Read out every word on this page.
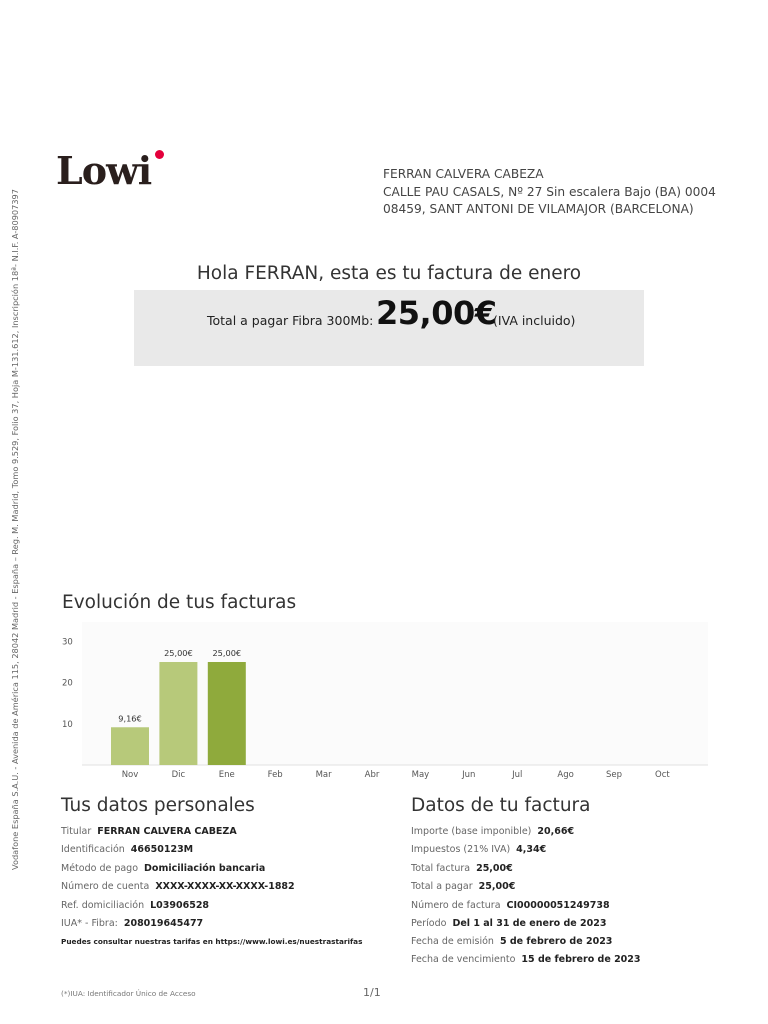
Lowi	FERRAN CALVERA CABEZA
CALLE PAU CASALS, Nº 27 Sin escalera Bajo (BA) 0004
08459, SANT ANTONI DE VILAMAJOR (BARCELONA)
Hola FERRAN, esta es tu factura de enero
Total a pagar Fibra 300Mb: 25,00€
(IVA incluido)
Vodafone España S.A.U. - Avenida de América 115, 28042 Madrid - España – Reg. M. Madrid, Tomo 9.529, Folio 37, Hoja M-131.612, Inscripción 18ª- N.I.F. A-80907397 Evolución de tus facturas
10
20
30
Nov
9,16€
Dic
25,00€
Ene
25,00€
Feb	Mar	Abr	May	Jun	Jul	Ago	Sep	Oct
Tus datos personales
Titular FERRAN CALVERA CABEZA
Identificación 46650123M
Método de pago Domiciliación bancaria
Número de cuenta XXXX-XXXX-XX-XXXX-1882
Ref. domiciliación L03906528
IUA* - Fibra: 208019645477
Puedes consultar nuestras tarifas en https://www.lowi.es/nuestrastarifas
Datos de tu factura
Importe (base imponible) 20,66€
Impuestos (21% IVA) 4,34€
Total factura 25,00€
Total a pagar 25,00€
Número de factura CI00000051249738
Período Del 1 al 31 de enero de 2023
Fecha de emisión 5 de febrero de 2023
Fecha de vencimiento 15 de febrero de 2023
(*)IUA: Identificador Único de Acceso	1/1
